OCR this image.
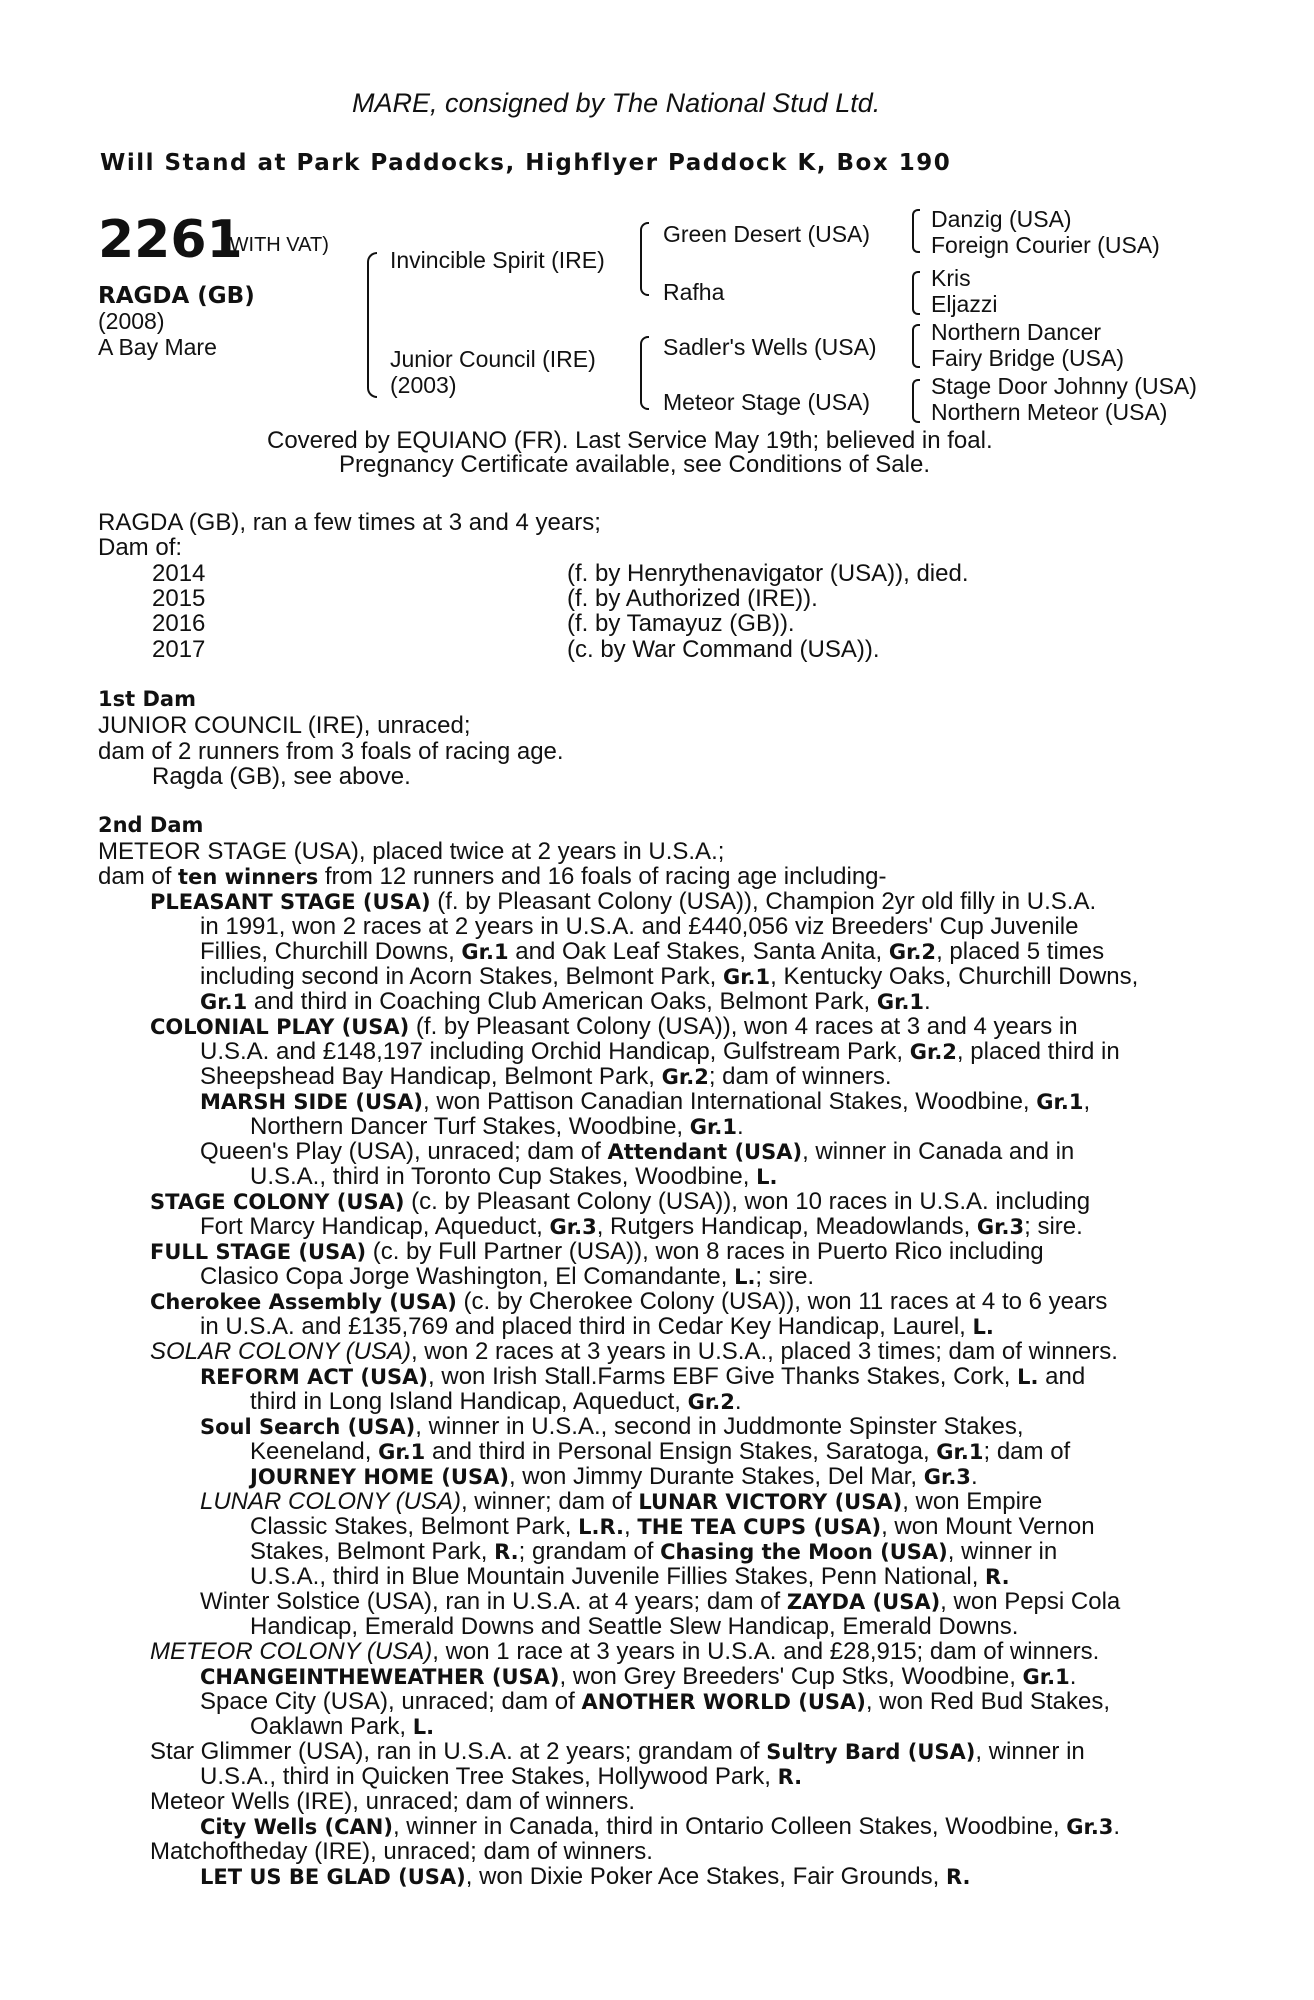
MARE, consigned by The National Stud Ltd.
Will Stand at Park Paddocks, Highflyer Paddock K, Box 190
2261
(WITH VAT)
RAGDA (GB)
(2008)
A Bay Mare
Invincible Spirit (IRE)
Junior Council (IRE)
(2003)
Green Desert (USA)
Rafha
Sadler's Wells (USA)
Meteor Stage (USA)
Danzig (USA)
Foreign Courier (USA)
Kris
Eljazzi
Northern Dancer
Fairy Bridge (USA)
Stage Door Johnny (USA)
Northern Meteor (USA)
Covered by EQUIANO (FR). Last Service May 19th; believed in foal.
Pregnancy Certificate available, see Conditions of Sale.
RAGDA (GB), ran a few times at 3 and 4 years;
Dam of:
2014	(f. by Henrythenavigator (USA)), died.
2015	(f. by Authorized (IRE)).
2016	(f. by Tamayuz (GB)).
2017	(c. by War Command (USA)).
1st Dam
JUNIOR COUNCIL (IRE), unraced;
dam of 2 runners from 3 foals of racing age.
Ragda (GB), see above.
2nd Dam
METEOR STAGE (USA), placed twice at 2 years in U.S.A.;
dam of ten winners from 12 runners and 16 foals of racing age including-
PLEASANT STAGE (USA) (f. by Pleasant Colony (USA)), Champion 2yr old filly in U.S.A.
in 1991, won 2 races at 2 years in U.S.A. and £440,056 viz Breeders' Cup Juvenile
Fillies, Churchill Downs, Gr.1 and Oak Leaf Stakes, Santa Anita, Gr.2, placed 5 times
including second in Acorn Stakes, Belmont Park, Gr.1, Kentucky Oaks, Churchill Downs,
Gr.1 and third in Coaching Club American Oaks, Belmont Park, Gr.1.
COLONIAL PLAY (USA) (f. by Pleasant Colony (USA)), won 4 races at 3 and 4 years in
U.S.A. and £148,197 including Orchid Handicap, Gulfstream Park, Gr.2, placed third in
Sheepshead Bay Handicap, Belmont Park, Gr.2; dam of winners.
MARSH SIDE (USA), won Pattison Canadian International Stakes, Woodbine, Gr.1,
Northern Dancer Turf Stakes, Woodbine, Gr.1.
Queen's Play (USA), unraced; dam of Attendant (USA), winner in Canada and in
U.S.A., third in Toronto Cup Stakes, Woodbine, L.
STAGE COLONY (USA) (c. by Pleasant Colony (USA)), won 10 races in U.S.A. including
Fort Marcy Handicap, Aqueduct, Gr.3, Rutgers Handicap, Meadowlands, Gr.3; sire.
FULL STAGE (USA) (c. by Full Partner (USA)), won 8 races in Puerto Rico including
Clasico Copa Jorge Washington, El Comandante, L.; sire.
Cherokee Assembly (USA) (c. by Cherokee Colony (USA)), won 11 races at 4 to 6 years
in U.S.A. and £135,769 and placed third in Cedar Key Handicap, Laurel, L.
SOLAR COLONY (USA), won 2 races at 3 years in U.S.A., placed 3 times; dam of winners.
REFORM ACT (USA), won Irish Stall.Farms EBF Give Thanks Stakes, Cork, L. and
third in Long Island Handicap, Aqueduct, Gr.2.
Soul Search (USA), winner in U.S.A., second in Juddmonte Spinster Stakes,
Keeneland, Gr.1 and third in Personal Ensign Stakes, Saratoga, Gr.1; dam of
JOURNEY HOME (USA), won Jimmy Durante Stakes, Del Mar, Gr.3.
LUNAR COLONY (USA), winner; dam of LUNAR VICTORY (USA), won Empire
Classic Stakes, Belmont Park, L.R., THE TEA CUPS (USA), won Mount Vernon
Stakes, Belmont Park, R.; grandam of Chasing the Moon (USA), winner in
U.S.A., third in Blue Mountain Juvenile Fillies Stakes, Penn National, R.
Winter Solstice (USA), ran in U.S.A. at 4 years; dam of ZAYDA (USA), won Pepsi Cola
Handicap, Emerald Downs and Seattle Slew Handicap, Emerald Downs.
METEOR COLONY (USA), won 1 race at 3 years in U.S.A. and £28,915; dam of winners.
CHANGEINTHEWEATHER (USA), won Grey Breeders' Cup Stks, Woodbine, Gr.1.
Space City (USA), unraced; dam of ANOTHER WORLD (USA), won Red Bud Stakes,
Oaklawn Park, L.
Star Glimmer (USA), ran in U.S.A. at 2 years; grandam of Sultry Bard (USA), winner in
U.S.A., third in Quicken Tree Stakes, Hollywood Park, R.
Meteor Wells (IRE), unraced; dam of winners.
City Wells (CAN), winner in Canada, third in Ontario Colleen Stakes, Woodbine, Gr.3.
Matchoftheday (IRE), unraced; dam of winners.
LET US BE GLAD (USA), won Dixie Poker Ace Stakes, Fair Grounds, R.
